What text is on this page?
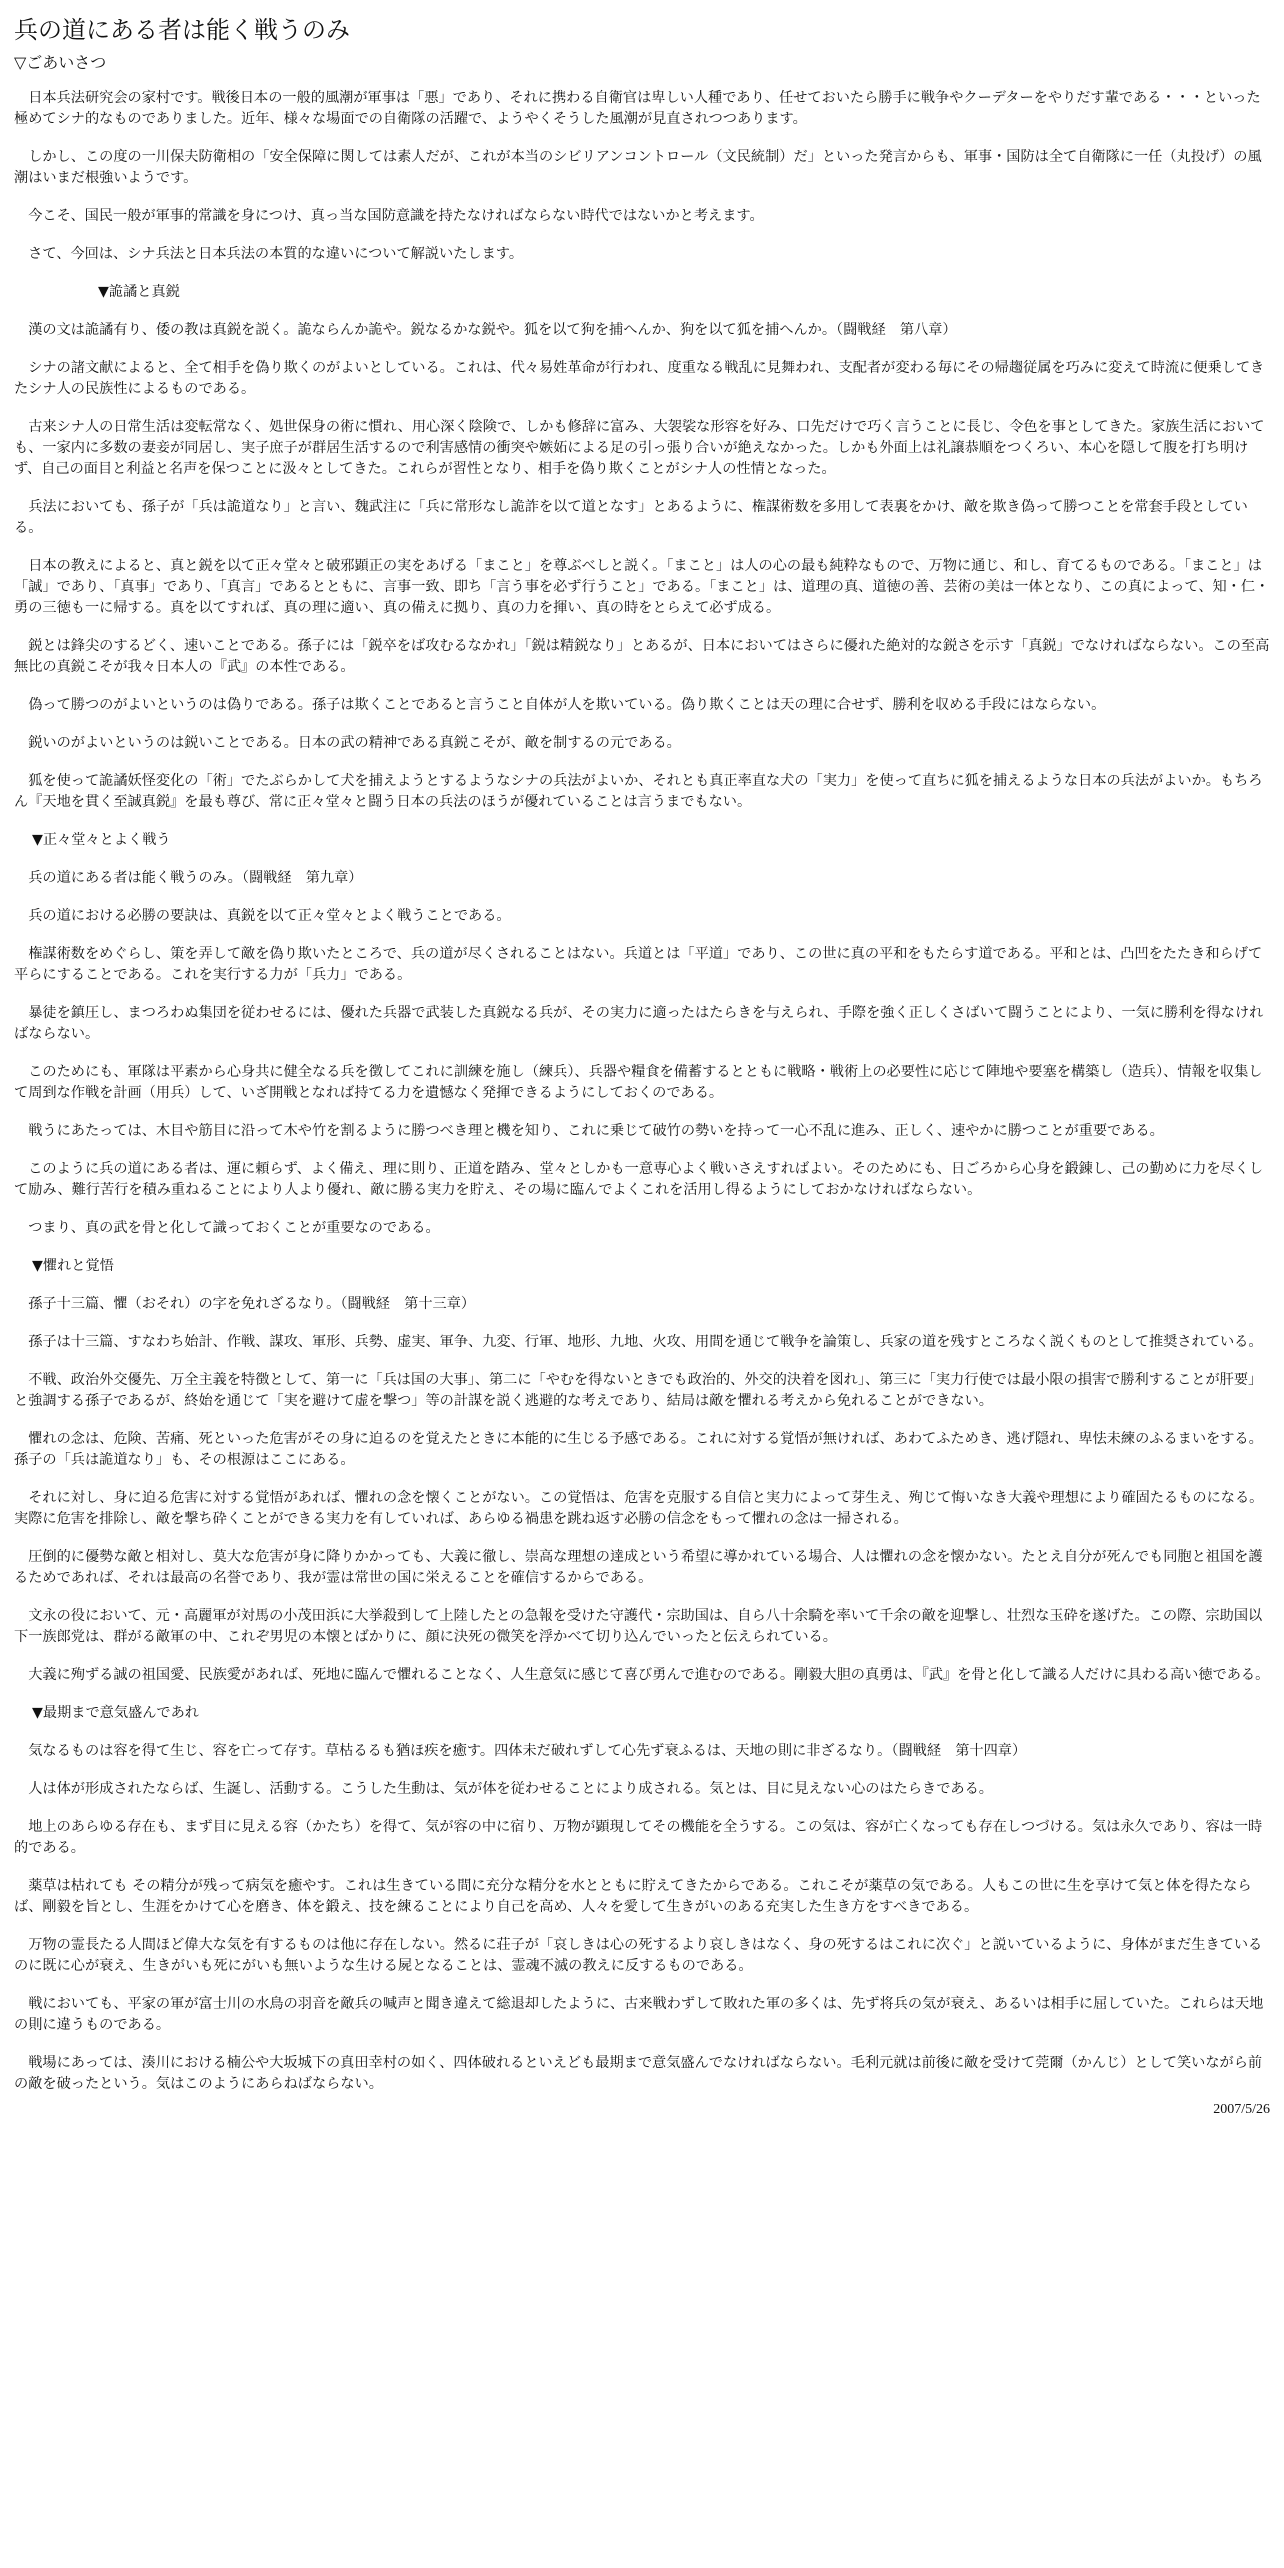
兵の道にある者は能く戦うのみ
▽ごあいさつ

日本兵法研究会の家村です。戦後日本の一般的風潮が軍事は「悪」であり、それに携わる自衛官は卑しい人種であり、任せておいたら勝手に戦争やクーデターをやりだす輩である・・・といった極めてシナ的なものでありました。近年、様々な場面での自衛隊の活躍で、ようやくそうした風潮が見直されつつあります。

しかし、この度の一川保夫防衛相の「安全保障に関しては素人だが、これが本当のシビリアンコントロール（文民統制）だ」といった発言からも、軍事・国防は全て自衛隊に一任（丸投げ）の風潮はいまだ根強いようです。

今こそ、国民一般が軍事的常識を身につけ、真っ当な国防意識を持たなければならない時代ではないかと考えます。

さて、今回は、シナ兵法と日本兵法の本質的な違いについて解説いたします。

▼詭譎と真鋭

漢の文は詭譎有り、倭の教は真鋭を説く。詭ならんか詭や。鋭なるかな鋭や。狐を以て狗を捕へんか、狗を以て狐を捕へんか。（闘戦経　第八章）

シナの諸文献によると、全て相手を偽り欺くのがよいとしている。これは、代々易姓革命が行われ、度重なる戦乱に見舞われ、支配者が変わる毎にその帰趨従属を巧みに変えて時流に便乗してきたシナ人の民族性によるものである。

古来シナ人の日常生活は変転常なく、処世保身の術に慣れ、用心深く陰険で、しかも修辞に富み、大袈裟な形容を好み、口先だけで巧く言うことに長じ、令色を事としてきた。家族生活においても、一家内に多数の妻妾が同居し、実子庶子が群居生活するので利害感情の衝突や嫉妬による足の引っ張り合いが絶えなかった。しかも外面上は礼譲恭順をつくろい、本心を隠して腹を打ち明けず、自己の面目と利益と名声を保つことに汲々としてきた。これらが習性となり、相手を偽り欺くことがシナ人の性情となった。

兵法においても、孫子が「兵は詭道なり」と言い、魏武注に「兵に常形なし詭詐を以て道となす」とあるように、権謀術数を多用して表裏をかけ、敵を欺き偽って勝つことを常套手段としている。

日本の教えによると、真と鋭を以て正々堂々と破邪顕正の実をあげる「まこと」を尊ぶべしと説く。「まこと」は人の心の最も純粋なもので、万物に通じ、和し、育てるものである。「まこと」は「誠」であり、「真事」であり、「真言」であるとともに、言事一致、即ち「言う事を必ず行うこと」である。「まこと」は、道理の真、道徳の善、芸術の美は一体となり、この真によって、知・仁・勇の三徳も一に帰する。真を以てすれば、真の理に適い、真の備えに拠り、真の力を揮い、真の時をとらえて必ず成る。

鋭とは鋒尖のするどく、速いことである。孫子には「鋭卒をば攻むるなかれ」「鋭は精鋭なり」とあるが、日本においてはさらに優れた絶対的な鋭さを示す「真鋭」でなければならない。この至高無比の真鋭こそが我々日本人の『武』の本性である。

偽って勝つのがよいというのは偽りである。孫子は欺くことであると言うこと自体が人を欺いている。偽り欺くことは天の理に合せず、勝利を収める手段にはならない。

鋭いのがよいというのは鋭いことである。日本の武の精神である真鋭こそが、敵を制するの元である。

狐を使って詭譎妖怪変化の「術」でたぶらかして犬を捕えようとするようなシナの兵法がよいか、それとも真正率直な犬の「実力」を使って直ちに狐を捕えるような日本の兵法がよいか。もちろん『天地を貫く至誠真鋭』を最も尊び、常に正々堂々と闘う日本の兵法のほうが優れていることは言うまでもない。

▼正々堂々とよく戦う

兵の道にある者は能く戦うのみ。（闘戦経　第九章）

兵の道における必勝の要訣は、真鋭を以て正々堂々とよく戦うことである。

権謀術数をめぐらし、策を弄して敵を偽り欺いたところで、兵の道が尽くされることはない。兵道とは「平道」であり、この世に真の平和をもたらす道である。平和とは、凸凹をたたき和らげて平らにすることである。これを実行する力が「兵力」である。

暴徒を鎮圧し、まつろわぬ集団を従わせるには、優れた兵器で武装した真鋭なる兵が、その実力に適ったはたらきを与えられ、手際を強く正しくさばいて闘うことにより、一気に勝利を得なければならない。

このためにも、軍隊は平素から心身共に健全なる兵を徴してこれに訓練を施し（練兵）、兵器や糧食を備蓄するとともに戦略・戦術上の必要性に応じて陣地や要塞を構築し（造兵）、情報を収集して周到な作戦を計画（用兵）して、いざ開戦となれば持てる力を遺憾なく発揮できるようにしておくのである。

戦うにあたっては、木目や筋目に沿って木や竹を割るように勝つべき理と機を知り、これに乗じて破竹の勢いを持って一心不乱に進み、正しく、速やかに勝つことが重要である。

このように兵の道にある者は、運に頼らず、よく備え、理に則り、正道を踏み、堂々としかも一意専心よく戦いさえすればよい。そのためにも、日ごろから心身を鍛錬し、己の勤めに力を尽くして励み、難行苦行を積み重ねることにより人より優れ、敵に勝る実力を貯え、その場に臨んでよくこれを活用し得るようにしておかなければならない。

つまり、真の武を骨と化して識っておくことが重要なのである。

▼懼れと覚悟

孫子十三篇、懼（おそれ）の字を免れざるなり。（闘戦経　第十三章）

孫子は十三篇、すなわち始計、作戦、謀攻、軍形、兵勢、虚実、軍争、九変、行軍、地形、九地、火攻、用間を通じて戦争を論策し、兵家の道を残すところなく説くものとして推奨されている。

不戦、政治外交優先、万全主義を特徴として、第一に「兵は国の大事」、第二に「やむを得ないときでも政治的、外交的決着を図れ」、第三に「実力行使では最小限の損害で勝利することが肝要」と強調する孫子であるが、終始を通じて「実を避けて虚を撃つ」等の計謀を説く逃避的な考えであり、結局は敵を懼れる考えから免れることができない。

懼れの念は、危険、苦痛、死といった危害がその身に迫るのを覚えたときに本能的に生じる予感である。これに対する覚悟が無ければ、あわてふためき、逃げ隠れ、卑怯未練のふるまいをする。孫子の「兵は詭道なり」も、その根源はここにある。

それに対し、身に迫る危害に対する覚悟があれば、懼れの念を懐くことがない。この覚悟は、危害を克服する自信と実力によって芽生え、殉じて悔いなき大義や理想により確固たるものになる。実際に危害を排除し、敵を撃ち砕くことができる実力を有していれば、あらゆる禍患を跳ね返す必勝の信念をもって懼れの念は一掃される。

圧倒的に優勢な敵と相対し、莫大な危害が身に降りかかっても、大義に徹し、崇高な理想の達成という希望に導かれている場合、人は懼れの念を懐かない。たとえ自分が死んでも同胞と祖国を護るためであれば、それは最高の名誉であり、我が霊は常世の国に栄えることを確信するからである。

文永の役において、元・高麗軍が対馬の小茂田浜に大挙殺到して上陸したとの急報を受けた守護代・宗助国は、自ら八十余騎を率いて千余の敵を迎撃し、壮烈な玉砕を遂げた。この際、宗助国以下一族郎党は、群がる敵軍の中、これぞ男児の本懐とばかりに、顔に決死の微笑を浮かべて切り込んでいったと伝えられている。

大義に殉ずる誠の祖国愛、民族愛があれば、死地に臨んで懼れることなく、人生意気に感じて喜び勇んで進むのである。剛毅大胆の真勇は、『武』を骨と化して識る人だけに具わる高い徳である。

▼最期まで意気盛んであれ

気なるものは容を得て生じ、容を亡って存す。草枯るるも猶ほ疾を癒す。四体未だ破れずして心先ず衰ふるは、天地の則に非ざるなり。（闘戦経　第十四章）

人は体が形成されたならば、生誕し、活動する。こうした生動は、気が体を従わせることにより成される。気とは、目に見えない心のはたらきである。

地上のあらゆる存在も、まず目に見える容（かたち）を得て、気が容の中に宿り、万物が顕現してその機能を全うする。この気は、容が亡くなっても存在しつづける。気は永久であり、容は一時的である。

薬草は枯れても その精分が残って病気を癒やす。これは生きている間に充分な精分を水とともに貯えてきたからである。これこそが薬草の気である。人もこの世に生を享けて気と体を得たならば、剛毅を旨とし、生涯をかけて心を磨き、体を鍛え、技を練ることにより自己を高め、人々を愛して生きがいのある充実した生き方をすべきである。

万物の霊長たる人間ほど偉大な気を有するものは他に存在しない。然るに荘子が「哀しきは心の死するより哀しきはなく、身の死するはこれに次ぐ」と説いているように、身体がまだ生きているのに既に心が衰え、生きがいも死にがいも無いような生ける屍となることは、霊魂不滅の教えに反するものである。

戦においても、平家の軍が富士川の水鳥の羽音を敵兵の喊声と聞き違えて総退却したように、古来戦わずして敗れた軍の多くは、先ず将兵の気が衰え、あるいは相手に屈していた。これらは天地の則に違うものである。

戦場にあっては、湊川における楠公や大坂城下の真田幸村の如く、四体破れるといえども最期まで意気盛んでなければならない。毛利元就は前後に敵を受けて莞爾（かんじ）として笑いながら前の敵を破ったという。気はこのようにあらねばならない。

2007/5/26
